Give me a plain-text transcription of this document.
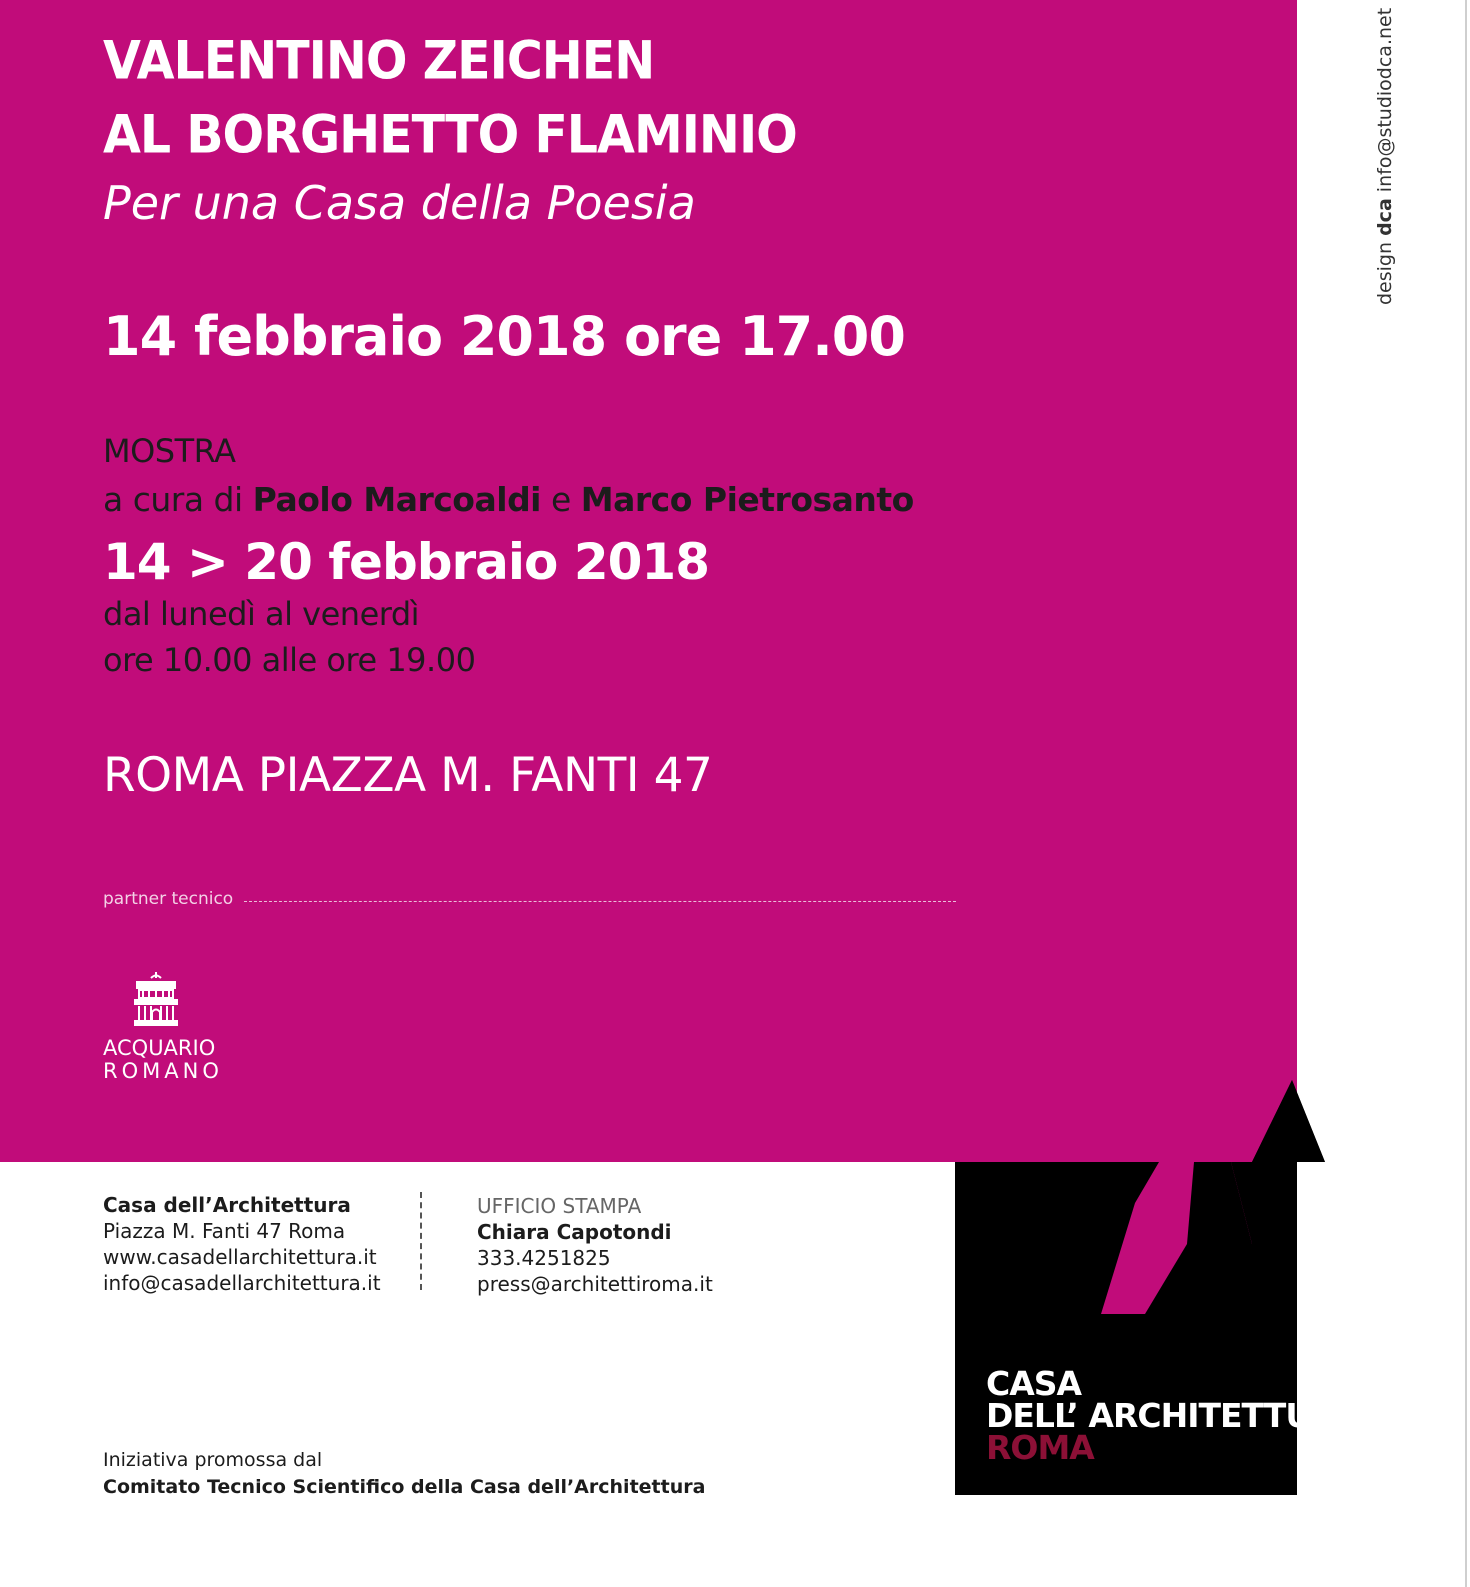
VALENTINO ZEICHEN
AL BORGHETTO FLAMINIO
Per una Casa della Poesia
14 febbraio 2018 ore 17.00
MOSTRA
a cura di Paolo Marcoaldi e Marco Pietrosanto
14 > 20 febbraio 2018
dal lunedì al venerdì
ore 10.00 alle ore 19.00
ROMA PIAZZA M. FANTI 47
partner tecnico
ACQUARIO
ROMANO
design dca info@studiodca.net
Casa dell’Architettura
Piazza M. Fanti 47 Roma
www.casadellarchitettura.it
info@casadellarchitettura.it
UFFICIO STAMPA
Chiara Capotondi
333.4251825
press@architettiroma.it
Iniziativa promossa dal
Comitato Tecnico Scientifico della Casa dell’Architettura
CASA
DELL’ ARCHITETTURA
ROMA
